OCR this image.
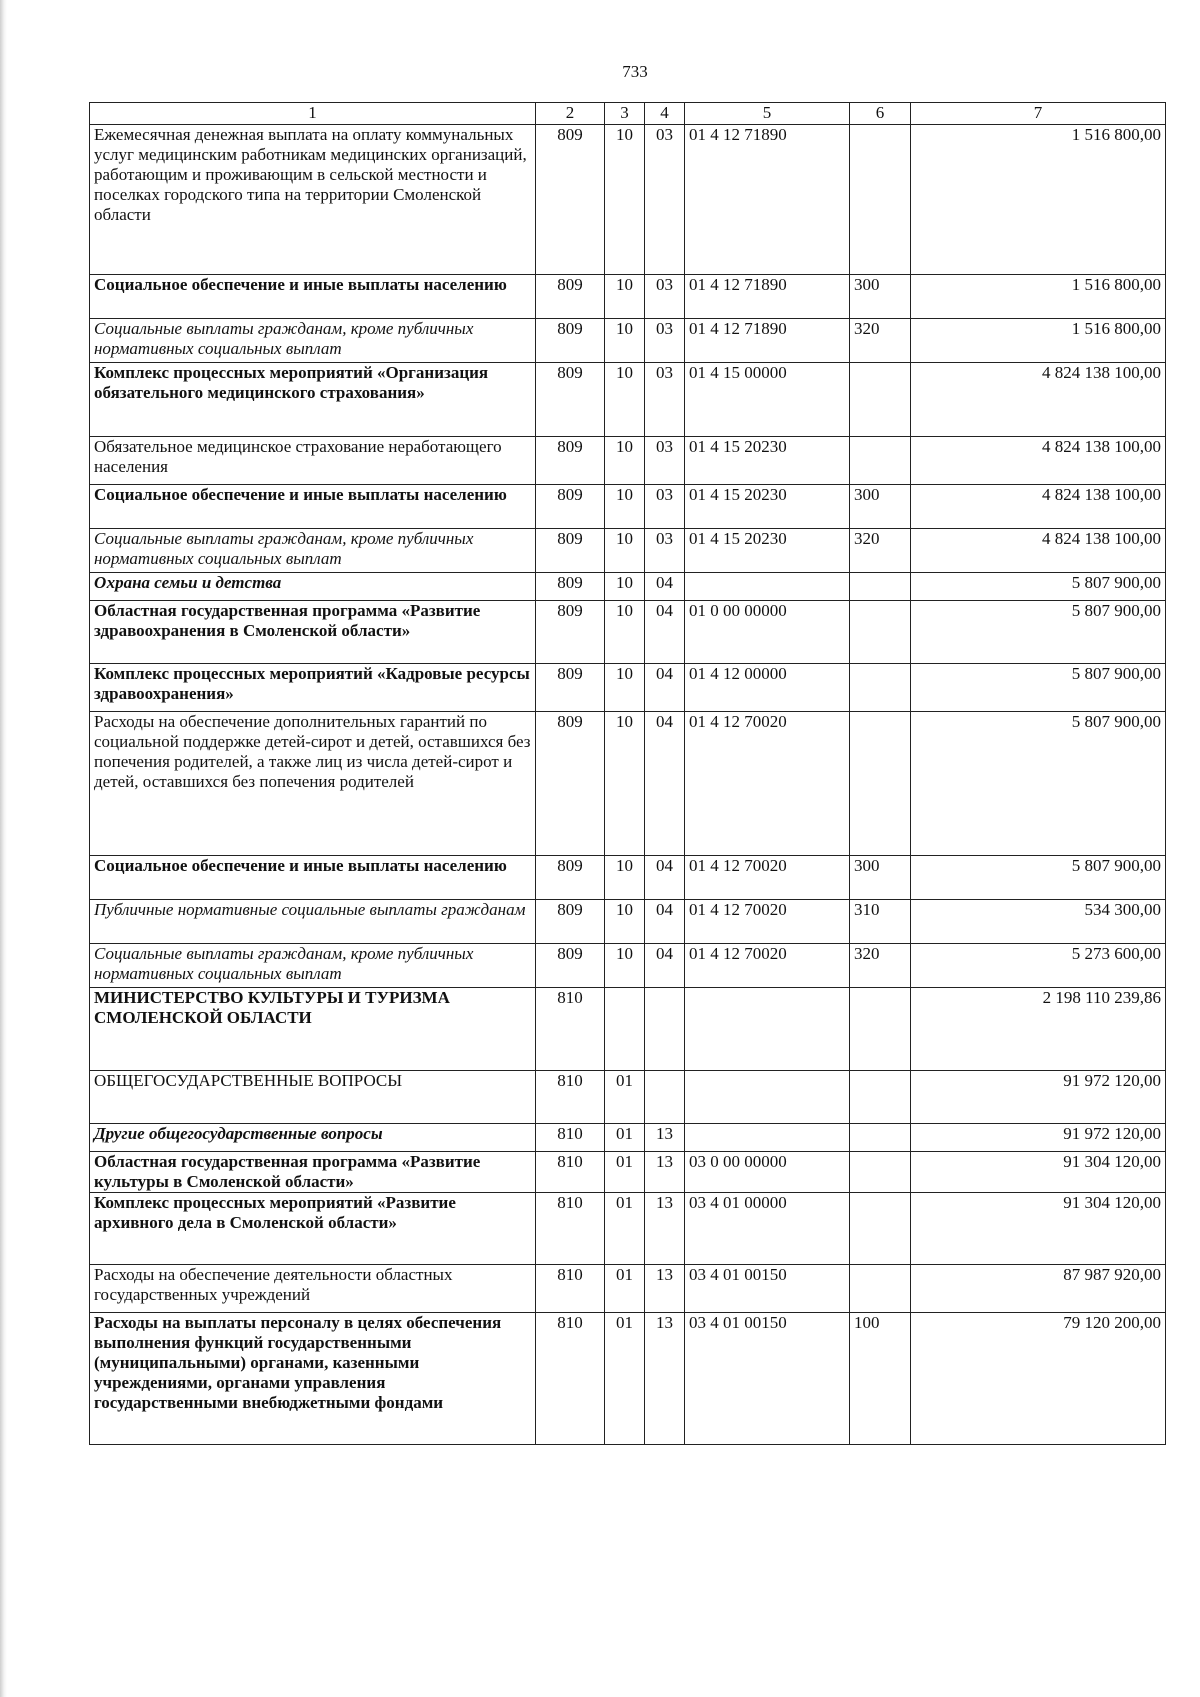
733
1	2	3	4	5	6	7
Ежемесячная денежная выплата на оплату коммунальных услуг медицинским работникам медицинских организаций, работающим и проживающим в сельской местности и поселках городского типа на территории Смоленской области	809	10	03	01 4 12 71890		1 516 800,00
Социальное обеспечение и иные выплаты населению	809	10	03	01 4 12 71890	300	1 516 800,00
Социальные выплаты гражданам, кроме публичных нормативных социальных выплат	809	10	03	01 4 12 71890	320	1 516 800,00
Комплекс процессных мероприятий «Организация обязательного медицинского страхования»	809	10	03	01 4 15 00000		4 824 138 100,00
Обязательное медицинское страхование неработающего населения	809	10	03	01 4 15 20230		4 824 138 100,00
Социальное обеспечение и иные выплаты населению	809	10	03	01 4 15 20230	300	4 824 138 100,00
Социальные выплаты гражданам, кроме публичных нормативных социальных выплат	809	10	03	01 4 15 20230	320	4 824 138 100,00
Охрана семьи и детства	809	10	04			5 807 900,00
Областная государственная программа «Развитие здравоохранения в Смоленской области»	809	10	04	01 0 00 00000		5 807 900,00
Комплекс процессных мероприятий «Кадровые ресурсы здравоохранения»	809	10	04	01 4 12 00000		5 807 900,00
Расходы на обеспечение дополнительных гарантий по социальной поддержке детей-сирот и детей, оставшихся без попечения родителей, а также лиц из числа детей-сирот и детей, оставшихся без попечения родителей	809	10	04	01 4 12 70020		5 807 900,00
Социальное обеспечение и иные выплаты населению	809	10	04	01 4 12 70020	300	5 807 900,00
Публичные нормативные социальные выплаты гражданам	809	10	04	01 4 12 70020	310	534 300,00
Социальные выплаты гражданам, кроме публичных нормативных социальных выплат	809	10	04	01 4 12 70020	320	5 273 600,00
МИНИСТЕРСТВО КУЛЬТУРЫ И ТУРИЗМА СМОЛЕНСКОЙ ОБЛАСТИ	810					2 198 110 239,86
ОБЩЕГОСУДАРСТВЕННЫЕ ВОПРОСЫ	810	01				91 972 120,00
Другие общегосударственные вопросы	810	01	13			91 972 120,00
Областная государственная программа «Развитие культуры в Смоленской области»	810	01	13	03 0 00 00000		91 304 120,00
Комплекс процессных мероприятий «Развитие архивного дела в Смоленской области»	810	01	13	03 4 01 00000		91 304 120,00
Расходы на обеспечение деятельности областных государственных учреждений	810	01	13	03 4 01 00150		87 987 920,00
Расходы на выплаты персоналу в целях обеспечения выполнения функций государственными (муниципальными) органами, казенными учреждениями, органами управления государственными внебюджетными фондами	810	01	13	03 4 01 00150	100	79 120 200,00
